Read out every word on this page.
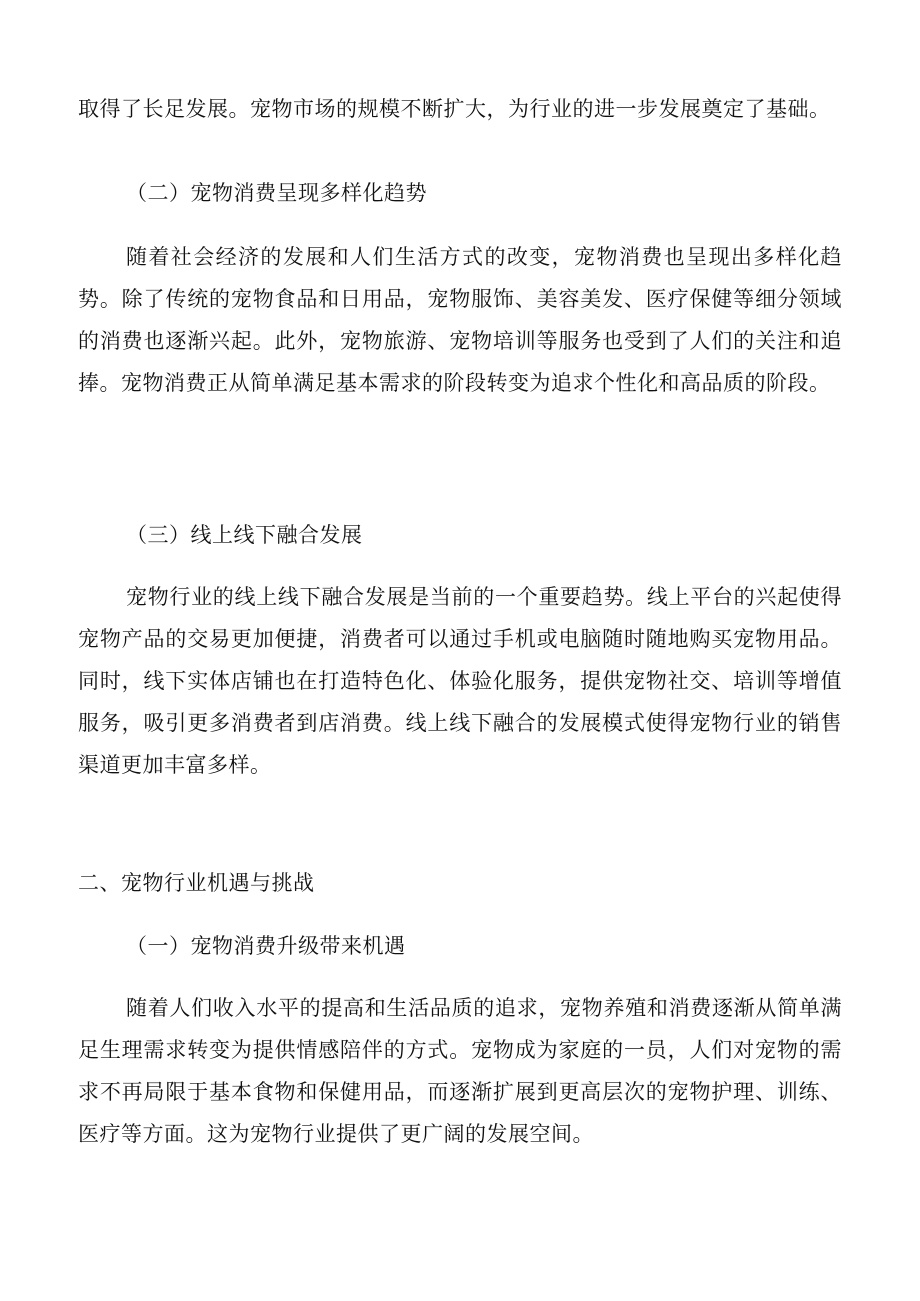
取得了长足发展。宠物市场的规模不断扩大，为行业的进一步发展奠定了基础。

（二）宠物消费呈现多样化趋势

随着社会经济的发展和人们生活方式的改变，宠物消费也呈现出多样化趋势。除了传统的宠物食品和日用品，宠物服饰、美容美发、医疗保健等细分领域的消费也逐渐兴起。此外，宠物旅游、宠物培训等服务也受到了人们的关注和追捧。宠物消费正从简单满足基本需求的阶段转变为追求个性化和高品质的阶段。

（三）线上线下融合发展

宠物行业的线上线下融合发展是当前的一个重要趋势。线上平台的兴起使得宠物产品的交易更加便捷，消费者可以通过手机或电脑随时随地购买宠物用品。同时，线下实体店铺也在打造特色化、体验化服务，提供宠物社交、培训等增值服务，吸引更多消费者到店消费。线上线下融合的发展模式使得宠物行业的销售渠道更加丰富多样。

二、宠物行业机遇与挑战

（一）宠物消费升级带来机遇

随着人们收入水平的提高和生活品质的追求，宠物养殖和消费逐渐从简单满足生理需求转变为提供情感陪伴的方式。宠物成为家庭的一员，人们对宠物的需求不再局限于基本食物和保健用品，而逐渐扩展到更高层次的宠物护理、训练、医疗等方面。这为宠物行业提供了更广阔的发展空间。
